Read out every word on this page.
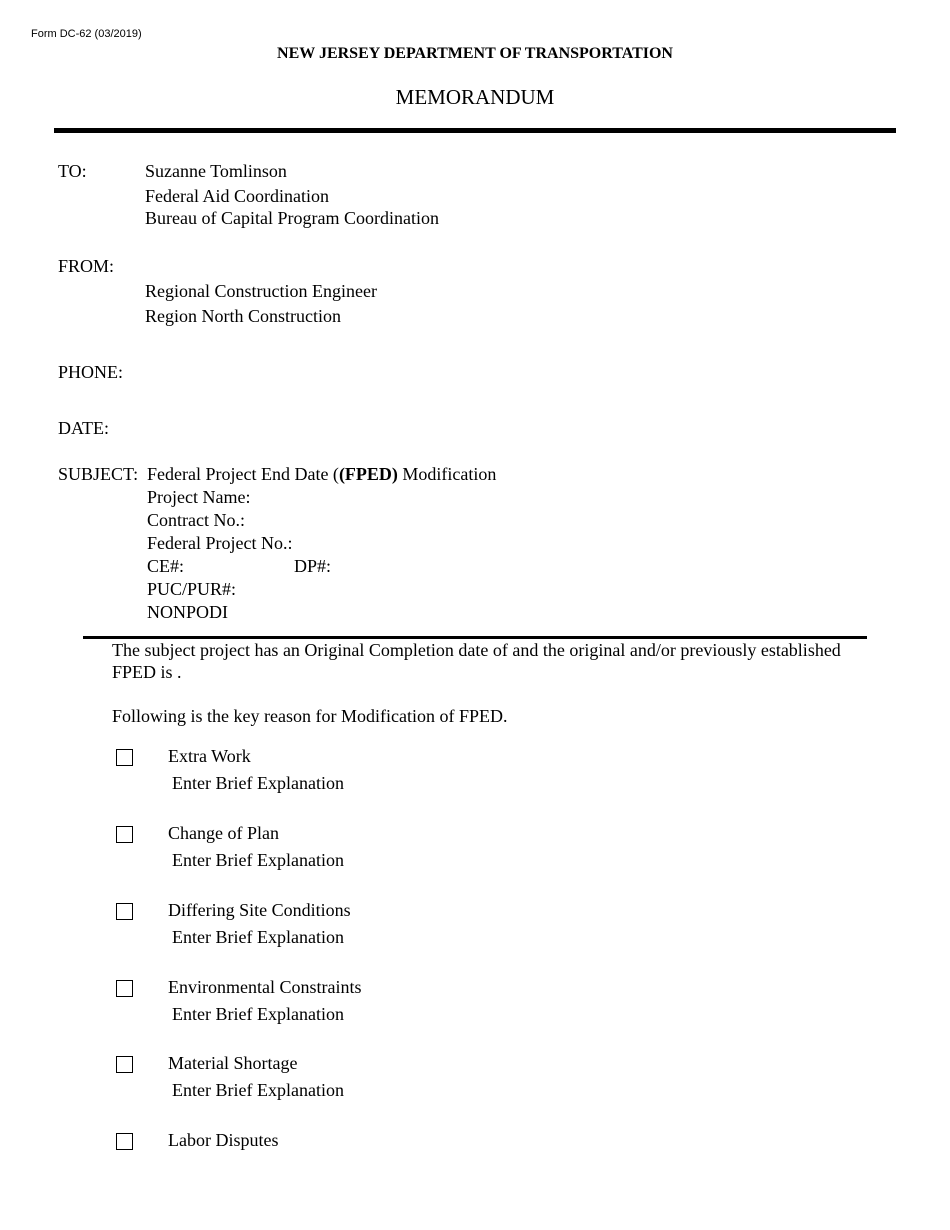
Form DC-62 (03/2019)
NEW JERSEY DEPARTMENT OF TRANSPORTATION
MEMORANDUM
TO:	Suzanne Tomlinson
Federal Aid Coordination
Bureau of Capital Program Coordination
FROM:
Regional Construction Engineer
Region North Construction
PHONE:
DATE:
SUBJECT: Federal Project End Date ((FPED) Modification
Project Name:
Contract No.:
Federal Project No.:
CE#:	DP#:
PUC/PUR#:
NONPODI
The subject project has an Original Completion date of and the original and/or previously established FPED is .
Following is the key reason for Modification of FPED.
Extra Work
Enter Brief Explanation
Change of Plan
Enter Brief Explanation
Differing Site Conditions
Enter Brief Explanation
Environmental Constraints
Enter Brief Explanation
Material Shortage
Enter Brief Explanation
Labor Disputes
